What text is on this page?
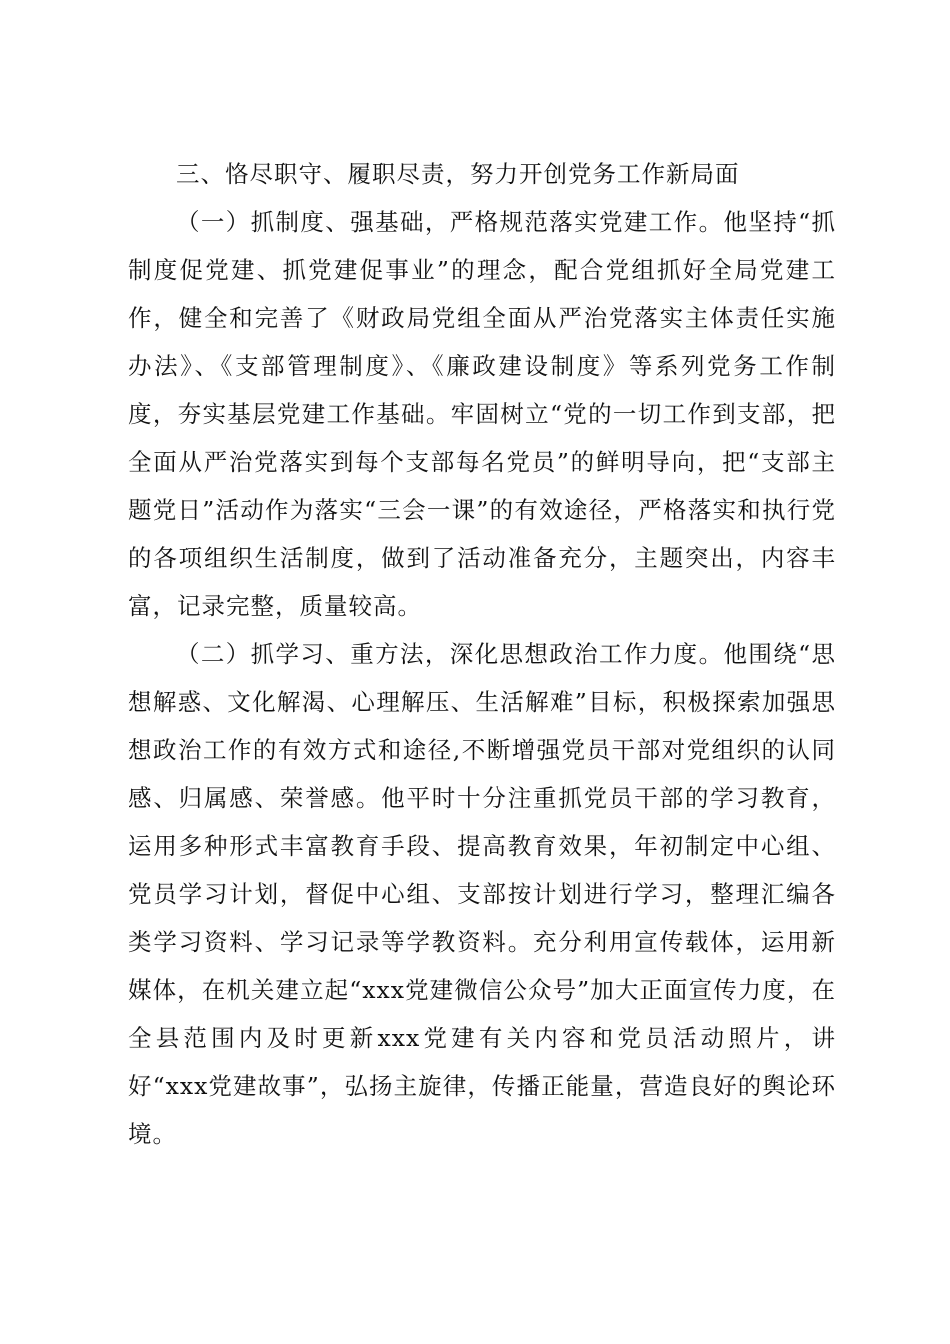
三、恪尽职守、履职尽责，努力开创党务工作新局面

（一）抓制度、强基础，严格规范落实党建工作。他坚持“抓制度促党建、抓党建促事业”的理念，配合党组抓好全局党建工作，健全和完善了《财政局党组全面从严治党落实主体责任实施办法》、《支部管理制度》、《廉政建设制度》等系列党务工作制度，夯实基层党建工作基础。牢固树立“党的一切工作到支部，把全面从严治党落实到每个支部每名党员”的鲜明导向，把“支部主题党日”活动作为落实“三会一课”的有效途径，严格落实和执行党的各项组织生活制度，做到了活动准备充分，主题突出，内容丰富，记录完整，质量较高。

（二）抓学习、重方法，深化思想政治工作力度。他围绕“思想解惑、文化解渴、心理解压、生活解难”目标，积极探索加强思想政治工作的有效方式和途径,不断增强党员干部对党组织的认同感、归属感、荣誉感。他平时十分注重抓党员干部的学习教育，运用多种形式丰富教育手段、提高教育效果，年初制定中心组、党员学习计划，督促中心组、支部按计划进行学习，整理汇编各类学习资料、学习记录等学教资料。充分利用宣传载体，运用新媒体，在机关建立起“xxx党建微信公众号”加大正面宣传力度，在全县范围内及时更新xxx党建有关内容和党员活动照片，讲好“xxx党建故事”，弘扬主旋律，传播正能量，营造良好的舆论环境。
